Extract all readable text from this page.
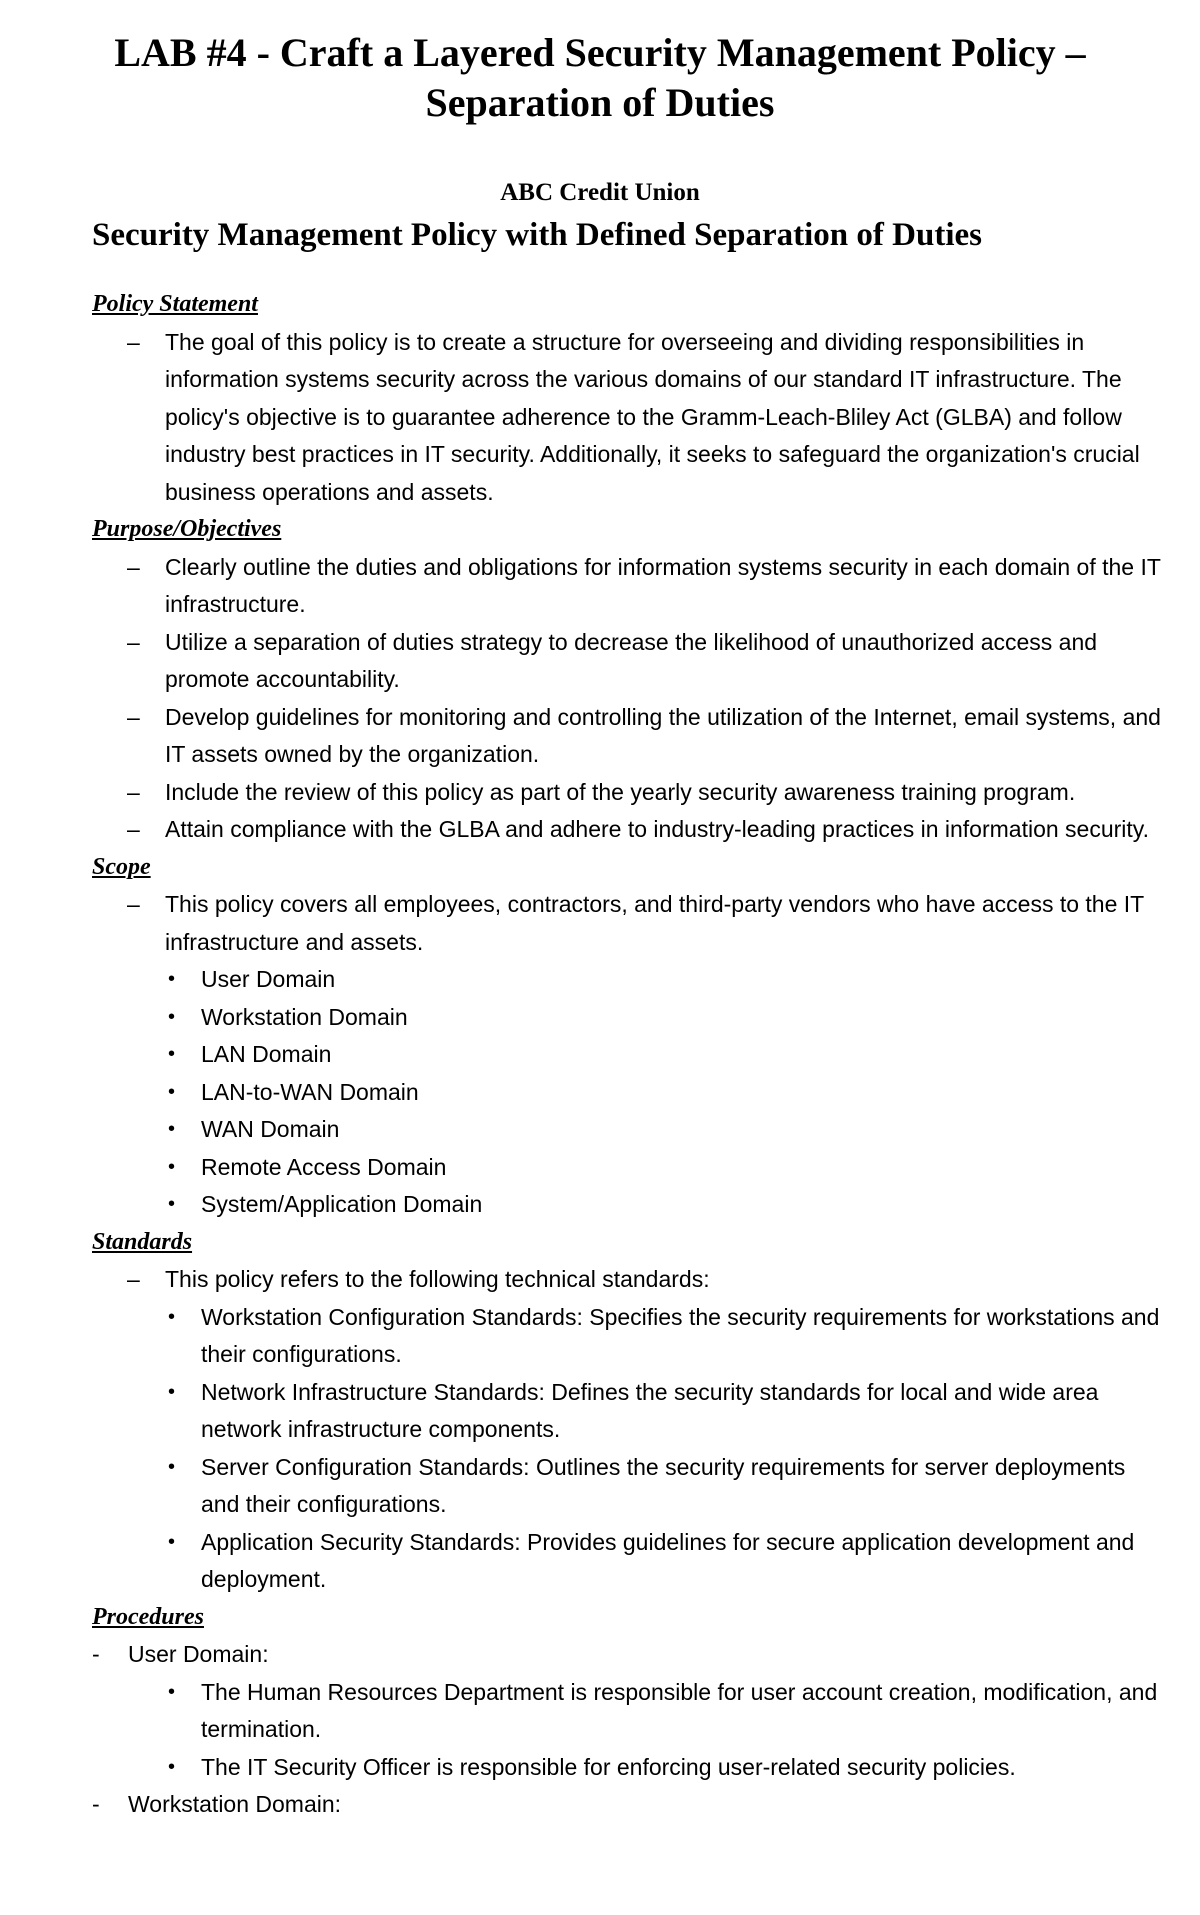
LAB #4 - Craft a Layered Security Management Policy –
Separation of Duties
ABC Credit Union
Security Management Policy with Defined Separation of Duties
Policy Statement
– The goal of this policy is to create a structure for overseeing and dividing responsibilities in information systems security across the various domains of our standard IT infrastructure. The policy's objective is to guarantee adherence to the Gramm-Leach-Bliley Act (GLBA) and follow industry best practices in IT security. Additionally, it seeks to safeguard the organization's crucial business operations and assets.
Purpose/Objectives
– Clearly outline the duties and obligations for information systems security in each domain of the IT infrastructure.
– Utilize a separation of duties strategy to decrease the likelihood of unauthorized access and promote accountability.
– Develop guidelines for monitoring and controlling the utilization of the Internet, email systems, and IT assets owned by the organization.
– Include the review of this policy as part of the yearly security awareness training program.
– Attain compliance with the GLBA and adhere to industry-leading practices in information security.
Scope
– This policy covers all employees, contractors, and third-party vendors who have access to the IT infrastructure and assets.
• User Domain
• Workstation Domain
• LAN Domain
• LAN-to-WAN Domain
• WAN Domain
• Remote Access Domain
• System/Application Domain
Standards
– This policy refers to the following technical standards:
• Workstation Configuration Standards: Specifies the security requirements for workstations and their configurations.
• Network Infrastructure Standards: Defines the security standards for local and wide area network infrastructure components.
• Server Configuration Standards: Outlines the security requirements for server deployments and their configurations.
• Application Security Standards: Provides guidelines for secure application development and deployment.
Procedures
- User Domain:
• The Human Resources Department is responsible for user account creation, modification, and termination.
• The IT Security Officer is responsible for enforcing user-related security policies.
- Workstation Domain:
